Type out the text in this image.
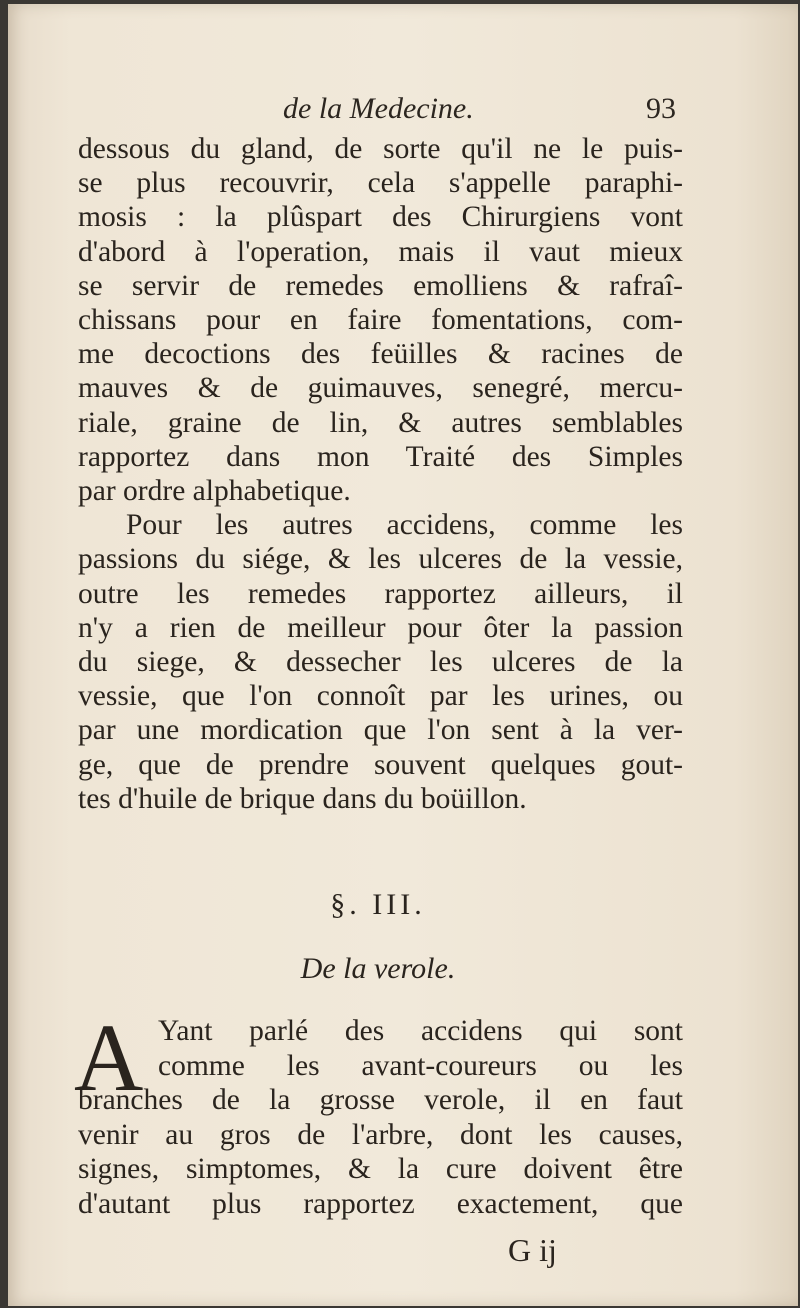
de la Medecine.	93
dessous du gland, de sorte qu'il ne le puis-
se plus recouvrir, cela s'appelle paraphi-
mosis : la plûspart des Chirurgiens vont
d'abord à l'operation, mais il vaut mieux
se servir de remedes emolliens & rafraî-
chissans pour en faire fomentations, com-
me decoctions des feüilles & racines de
mauves & de guimauves, senegré, mercu-
riale, graine de lin, & autres semblables
rapportez dans mon Traité des Simples
par ordre alphabetique.
Pour les autres accidens, comme les
passions du siége, & les ulceres de la vessie,
outre les remedes rapportez ailleurs, il
n'y a rien de meilleur pour ôter la passion
du siege, & dessecher les ulceres de la
vessie, que l'on connoît par les urines, ou
par une mordication que l'on sent à la ver-
ge, que de prendre souvent quelques gout-
tes d'huile de brique dans du boüillon.
§. III.
De la verole.
A Yant parlé des accidens qui sont
comme les avant-coureurs ou les
branches de la grosse verole, il en faut
venir au gros de l'arbre, dont les causes,
signes, simptomes, & la cure doivent être
d'autant plus rapportez exactement, que
G ij
